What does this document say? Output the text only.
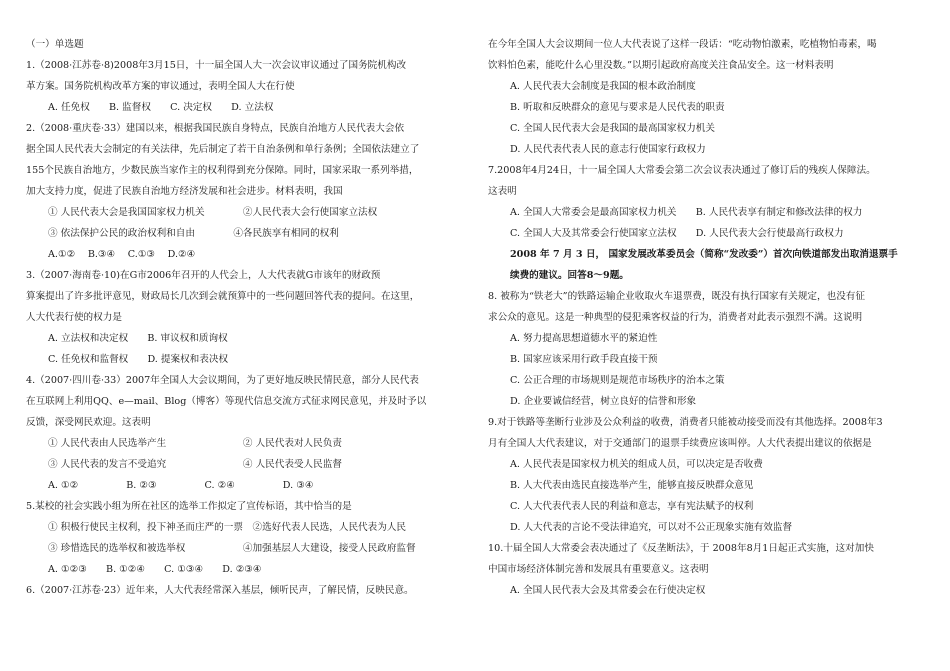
（一）单选题
1.（2008·江苏卷·8)2008年3月15日，十一届全国人大一次会议审议通过了国务院机构改
革方案。国务院机构改革方案的审议通过，表明全国人大在行使
A. 任免权　　B. 监督权　　C. 决定权　　D. 立法权
2.（2008·重庆卷·33）建国以来，根据我国民族自身特点，民族自治地方人民代表大会依
据全国人民代表大会制定的有关法律，先后制定了若干自治条例和单行条例；全国依法建立了
155个民族自治地方，少数民族当家作主的权利得到充分保障。同时，国家采取一系列举措，
加大支持力度，促进了民族自治地方经济发展和社会进步。材料表明，我国
① 人民代表大会是我国国家权力机关　　　　②人民代表大会行使国家立法权
③ 依法保护公民的政治权利和自由　　　　④各民族享有相同的权利
A.①②　 B.③④　 C.①③　 D.②④
3.（2007·海南卷·10)在G市2006年召开的人代会上，人大代表就G市该年的财政预
算案提出了许多批评意见，财政局长几次到会就预算中的一些问题回答代表的提问。在这里，
人大代表行使的权力是
A. 立法权和决定权　　B. 审议权和质询权
C. 任免权和监督权　　D. 提案权和表决权
4.（2007·四川卷·33）2007年全国人大会议期间，为了更好地反映民情民意，部分人民代表
在互联网上利用QQ、e—mail、Blog（博客）等现代信息交流方式征求网民意见，并及时予以
反馈，深受网民欢迎。这表明
① 人民代表由人民选举产生　　　　　　　　② 人民代表对人民负责
③ 人民代表的发言不受追究　　　　　　　　④ 人民代表受人民监督
A. ①②　　　　　B. ②③　　　　　C. ②④　　　　　D. ③④
5.某校的社会实践小组为所在社区的选举工作拟定了宣传标语，其中恰当的是
① 积极行使民主权利，投下神圣而庄严的一票　②选好代表人民选，人民代表为人民
③ 珍惜选民的选举权和被选举权　　　　　　④加强基层人大建设，接受人民政府监督
A. ①②③　　B. ①②④　　C. ①③④　　D. ②③④
6.（2007·江苏卷·23）近年来，人大代表经常深入基层，倾听民声，了解民情，反映民意。
在今年全国人大会议期间一位人大代表说了这样一段话：“吃动物怕激素，吃植物怕毒素，喝
饮料怕色素，能吃什么心里没数。”以期引起政府高度关注食品安全。这一材料表明
A. 人民代表大会制度是我国的根本政治制度
B. 听取和反映群众的意见与要求是人民代表的职责
C. 全国人民代表大会是我国的最高国家权力机关
D. 人民代表代表人民的意志行使国家行政权力
7.2008年4月24日，十一届全国人大常委会第二次会议表决通过了修订后的残疾人保障法。
这表明
A. 全国人大常委会是最高国家权力机关　　B. 人民代表享有制定和修改法律的权力
C. 全国人大及其常委会行使国家立法权　　D. 人民代表大会行使最高行政权力
2008 年 7 月 3 日， 国家发展改革委员会（简称“发改委”）首次向铁道部发出取消退票手
续费的建议。回答8～9题。
8. 被称为“铁老大”的铁路运输企业收取火车退票费，既没有执行国家有关规定，也没有征
求公众的意见。这是一种典型的侵犯乘客权益的行为，消费者对此表示强烈不满。这说明
A. 努力提高思想道德水平的紧迫性
B. 国家应该采用行政手段直接干预
C. 公正合理的市场规则是规范市场秩序的治本之策
D. 企业要诚信经营，树立良好的信誉和形象
9.对于铁路等垄断行业涉及公众利益的收费，消费者只能被动接受而没有其他选择。2008年3
月有全国人大代表建议，对于交通部门的退票手续费应该叫停。人大代表提出建议的依据是
A. 人民代表是国家权力机关的组成人员，可以决定是否收费
B. 人大代表由选民直接选举产生，能够直接反映群众意见
C. 人大代表代表人民的利益和意志，享有宪法赋予的权利
D. 人大代表的言论不受法律追究，可以对不公正现象实施有效监督
10.十届全国人大常委会表决通过了《反垄断法》，于 2008年8月1日起正式实施，这对加快
中国市场经济体制完善和发展具有重要意义。这表明
A. 全国人民代表大会及其常委会在行使决定权
